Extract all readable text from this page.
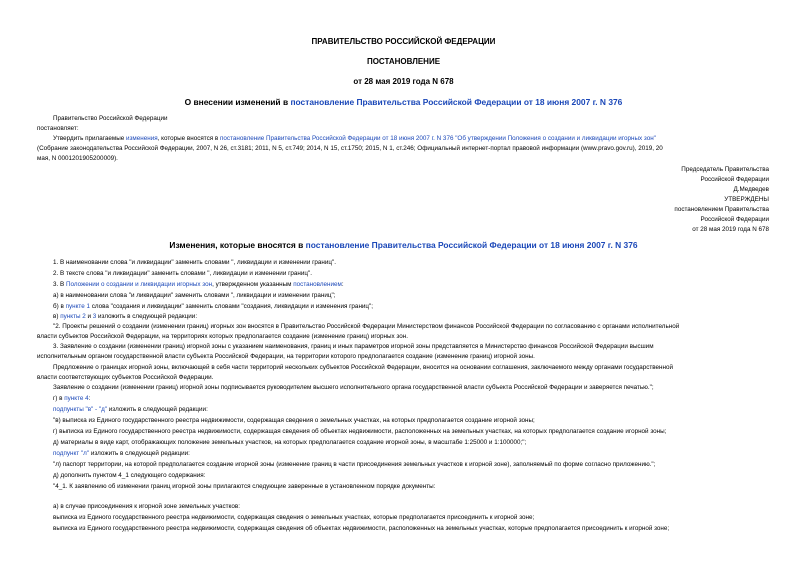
ПРАВИТЕЛЬСТВО РОССИЙСКОЙ ФЕДЕРАЦИИ
ПОСТАНОВЛЕНИЕ
от 28 мая 2019 года N 678
О внесении изменений в постановление Правительства Российской Федерации от 18 июня 2007 г. N 376
Правительство Российской Федерации
постановляет:
Утвердить прилагаемые изменения, которые вносятся в постановление Правительства Российской Федерации от 18 июня 2007 г. N 376 "Об утверждении Положения о создании и ликвидации игорных зон"
(Собрание законодательства Российской Федерации, 2007, N 26, ст.3181; 2011, N 5, ст.749; 2014, N 15, ст.1750; 2015, N 1, ст.246; Официальный интернет-портал правовой информации (www.pravo.gov.ru), 2019, 20
мая, N 0001201905200009).
Председатель Правительства
Российской Федерации
Д.Медведев
УТВЕРЖДЕНЫ
постановлением Правительства
Российской Федерации
от 28 мая 2019 года N 678
Изменения, которые вносятся в постановление Правительства Российской Федерации от 18 июня 2007 г. N 376
1. В наименовании слова "и ликвидации" заменить словами ", ликвидации и изменении границ".
2. В тексте слова "и ликвидации" заменить словами ", ликвидации и изменении границ".
3. В Положении о создании и ликвидации игорных зон, утвержденном указанным постановлением:
а) в наименовании слова "и ликвидации" заменить словами ", ликвидации и изменении границ";
б) в пункте 1 слова "создания и ликвидации" заменить словами "создания, ликвидации и изменения границ";
в) пункты 2 и 3 изложить в следующей редакции:
"2. Проекты решений о создании (изменении границ) игорных зон вносятся в Правительство Российской Федерации Министерством финансов Российской Федерации по согласованию с органами исполнительной
власти субъектов Российской Федерации, на территориях которых предполагается создание (изменение границ) игорных зон.
3. Заявление о создании (изменении границ) игорной зоны с указанием наименования, границ и иных параметров игорной зоны представляется в Министерство финансов Российской Федерации высшим
исполнительным органом государственной власти субъекта Российской Федерации, на территории которого предполагается создание (изменение границ) игорной зоны.
Предложение о границах игорной зоны, включающей в себя части территорий нескольких субъектов Российской Федерации, вносится на основании соглашения, заключаемого между органами государственной
власти соответствующих субъектов Российской Федерации.
Заявление о создании (изменении границ) игорной зоны подписывается руководителем высшего исполнительного органа государственной власти субъекта Российской Федерации и заверяется печатью.";
г) в пункте 4:
подпункты "в" - "д" изложить в следующей редакции:
"в) выписка из Единого государственного реестра недвижимости, содержащая сведения о земельных участках, на которых предполагается создание игорной зоны;
г) выписка из Единого государственного реестра недвижимости, содержащая сведения об объектах недвижимости, расположенных на земельных участках, на которых предполагается создание игорной зоны;
д) материалы в виде карт, отображающих положение земельных участков, на которых предполагается создание игорной зоны, в масштабе 1:25000 и 1:100000;";
подпункт "л" изложить в следующей редакции:
"л) паспорт территории, на которой предполагается создание игорной зоны (изменение границ в части присоединения земельных участков к игорной зоне), заполняемый по форме согласно приложению.";
д) дополнить пунктом 4_1 следующего содержания:
"4_1. К заявлению об изменении границ игорной зоны прилагаются следующие заверенные в установленном порядке документы:
а) в случае присоединения к игорной зоне земельных участков:
выписка из Единого государственного реестра недвижимости, содержащая сведения о земельных участках, которые предполагается присоединить к игорной зоне;
выписка из Единого государственного реестра недвижимости, содержащая сведения об объектах недвижимости, расположенных на земельных участках, которые предполагается присоединить к игорной зоне;
